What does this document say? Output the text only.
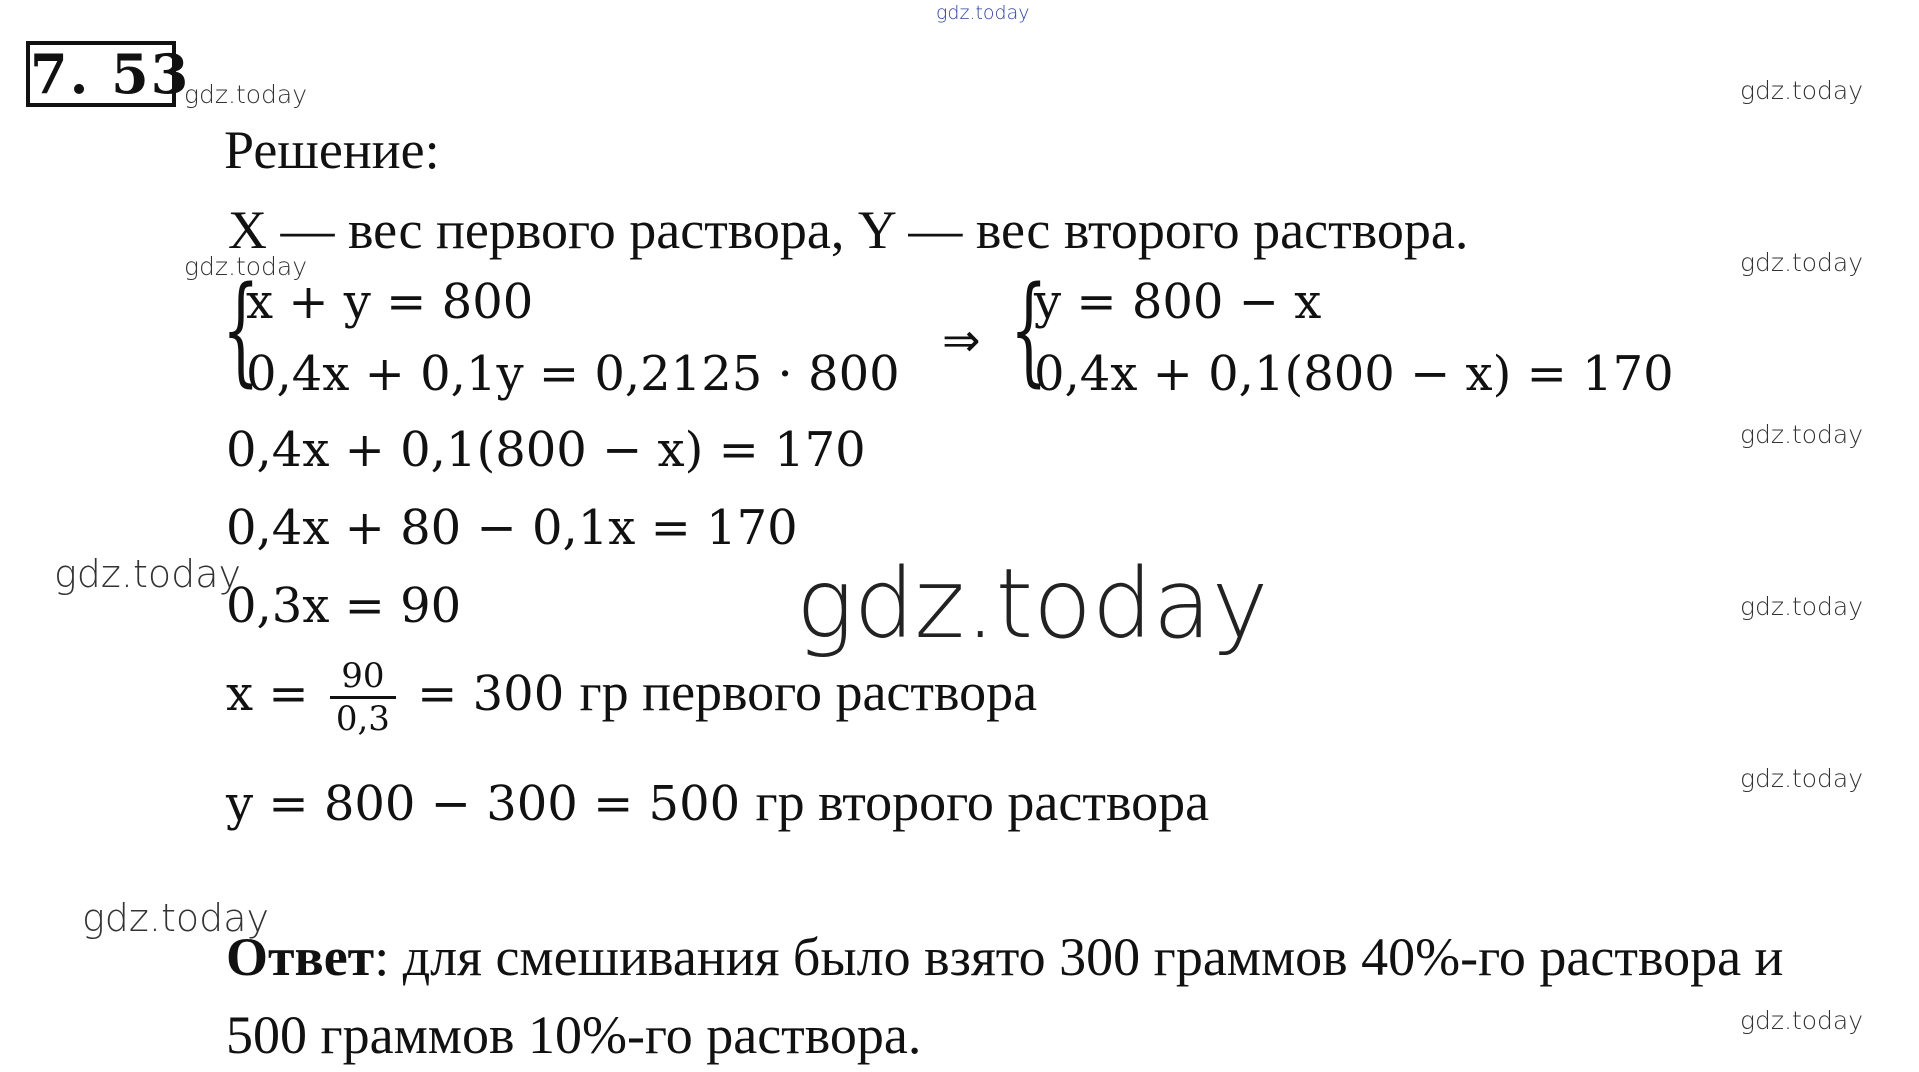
gdz.today
gdz.today	gdz.today
gdz.today	gdz.today
gdz.today
gdz.today	gdz.today	gdz.today
gdz.today
gdz.today
gdz.today
7. 53
Решение:
X — вес первого раствора, Y — вес второго раствора.
{
x + y = 800
0,4x + 0,1y = 0,2125 · 800
⇒ {
y = 800 − x
0,4x + 0,1(800 − x) = 170
0,4x + 0,1(800 − x) = 170
0,4x + 80 − 0,1x = 170
0,3x = 90
$x = \frac{90}{0,3} = 300$ гр первого раствора
y = 800 − 300 = 500 гр второго раствора
Ответ: для смешивания было взято 300 граммов 40%-го раствора и
500 граммов 10%-го раствора.
